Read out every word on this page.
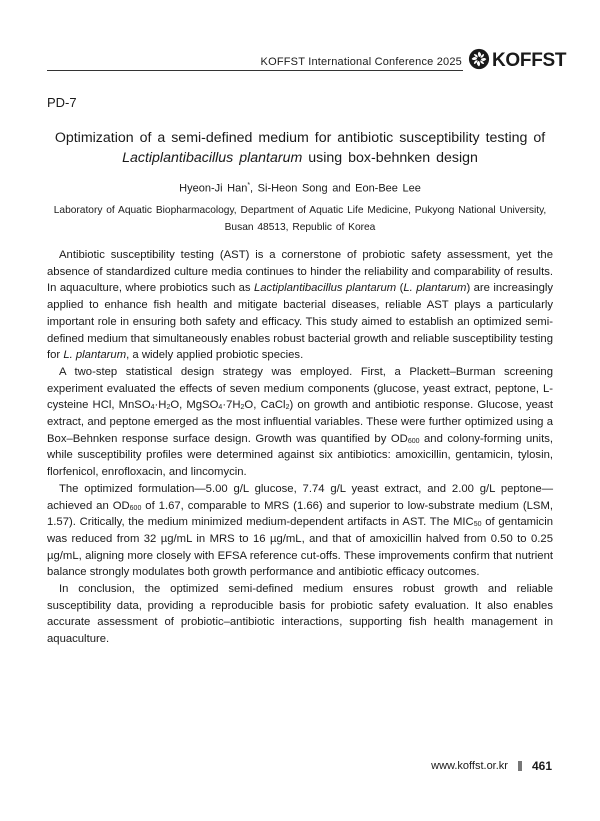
KOFFST International Conference 2025 KOFFST
PD-7
Optimization of a semi-defined medium for antibiotic susceptibility testing of
Lactiplantibacillus plantarum using box-behnken design
Hyeon-Ji Han*, Si-Heon Song and Eon-Bee Lee
Laboratory of Aquatic Biopharmacology, Department of Aquatic Life Medicine, Pukyong National University,
Busan 48513, Republic of Korea

Antibiotic susceptibility testing (AST) is a cornerstone of probiotic safety assessment, yet the absence of standardized culture media continues to hinder the reliability and comparability of results. In aquaculture, where probiotics such as Lactiplantibacillus plantarum (L. plantarum) are increasingly applied to enhance fish health and mitigate bacterial diseases, reliable AST plays a particularly important role in ensuring both safety and efficacy. This study aimed to establish an optimized semi-defined medium that simultaneously enables robust bacterial growth and reliable susceptibility testing for L. plantarum, a widely applied probiotic species.

A two-step statistical design strategy was employed. First, a Plackett–Burman screening experiment evaluated the effects of seven medium components (glucose, yeast extract, peptone, L-cysteine HCl, $MnSO_4\cdot H_2O$, $MgSO_4\cdot 7H_2O$, CaCl$_2$) on growth and antibiotic response. Glucose, yeast extract, and peptone emerged as the most influential variables. These were further optimized using a Box–Behnken response surface design. Growth was quantified by $OD_{600}$ and colony-forming units, while susceptibility profiles were determined against six antibiotics: amoxicillin, gentamicin, tylosin, florfenicol, enrofloxacin, and lincomycin.

The optimized formulation—5.00 g/L glucose, 7.74 g/L yeast extract, and 2.00 g/L peptone—achieved an $OD_{600}$ of 1.67, comparable to MRS (1.66) and superior to low-substrate medium (LSM, 1.57). Critically, the medium minimized medium-dependent artifacts in AST. The $MIC_{50}$ of gentamicin was reduced from 32 µg/mL in MRS to 16 µg/mL, and that of amoxicillin halved from 0.50 to 0.25 µg/mL, aligning more closely with EFSA reference cut-offs. These improvements confirm that nutrient balance strongly modulates both growth performance and antibiotic efficacy outcomes.

In conclusion, the optimized semi-defined medium ensures robust growth and reliable susceptibility data, providing a reproducible basis for probiotic safety evaluation. It also enables accurate assessment of probiotic–antibiotic interactions, supporting fish health management in aquaculture.

www.koffst.or.kr 461
